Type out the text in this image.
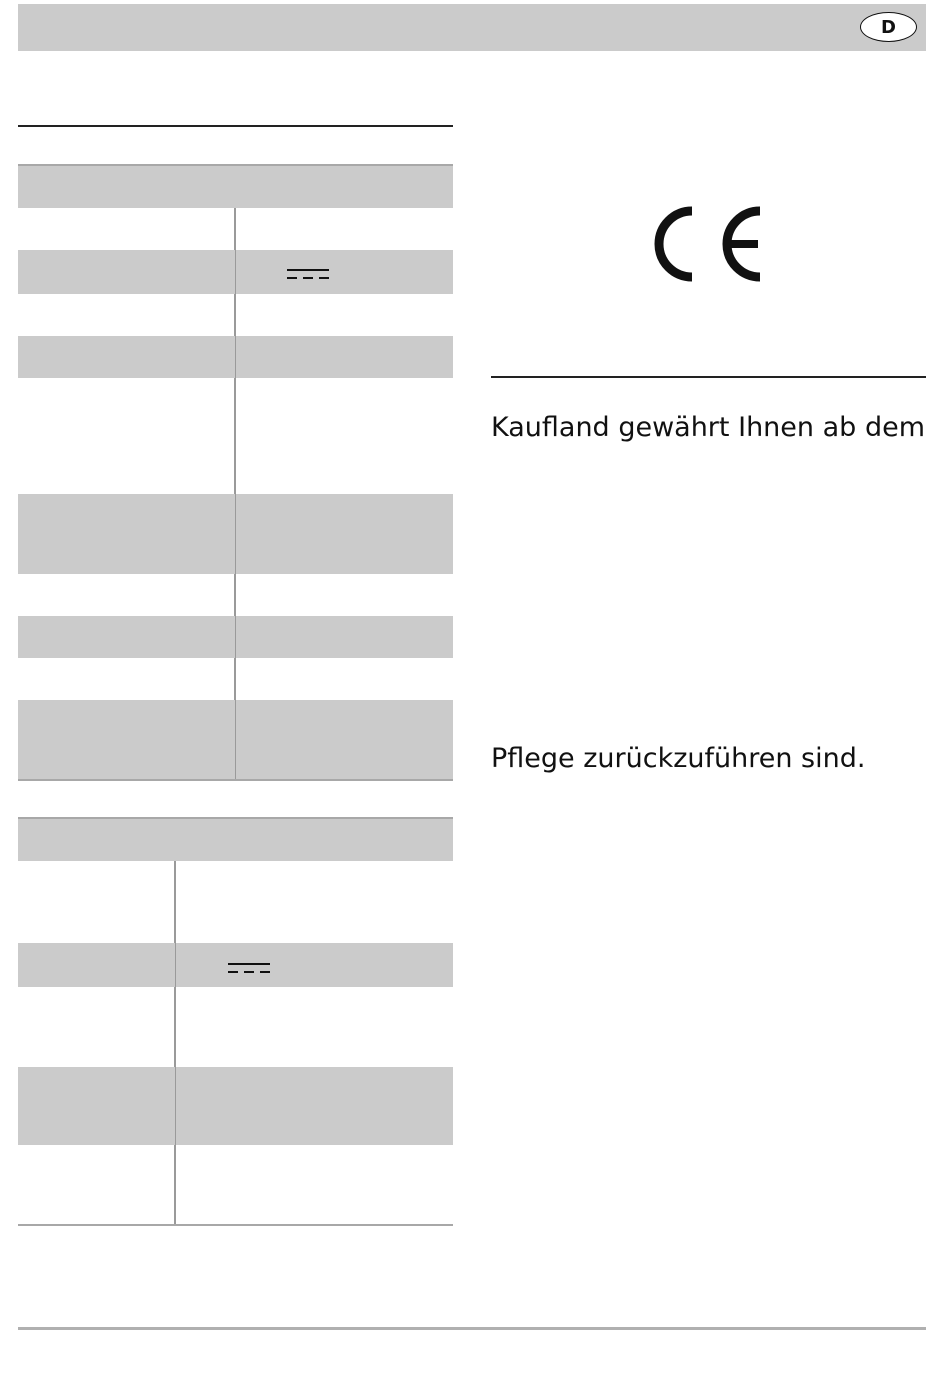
D
Kaufland gewährt Ihnen ab dem
Pflege zurückzuführen sind.
